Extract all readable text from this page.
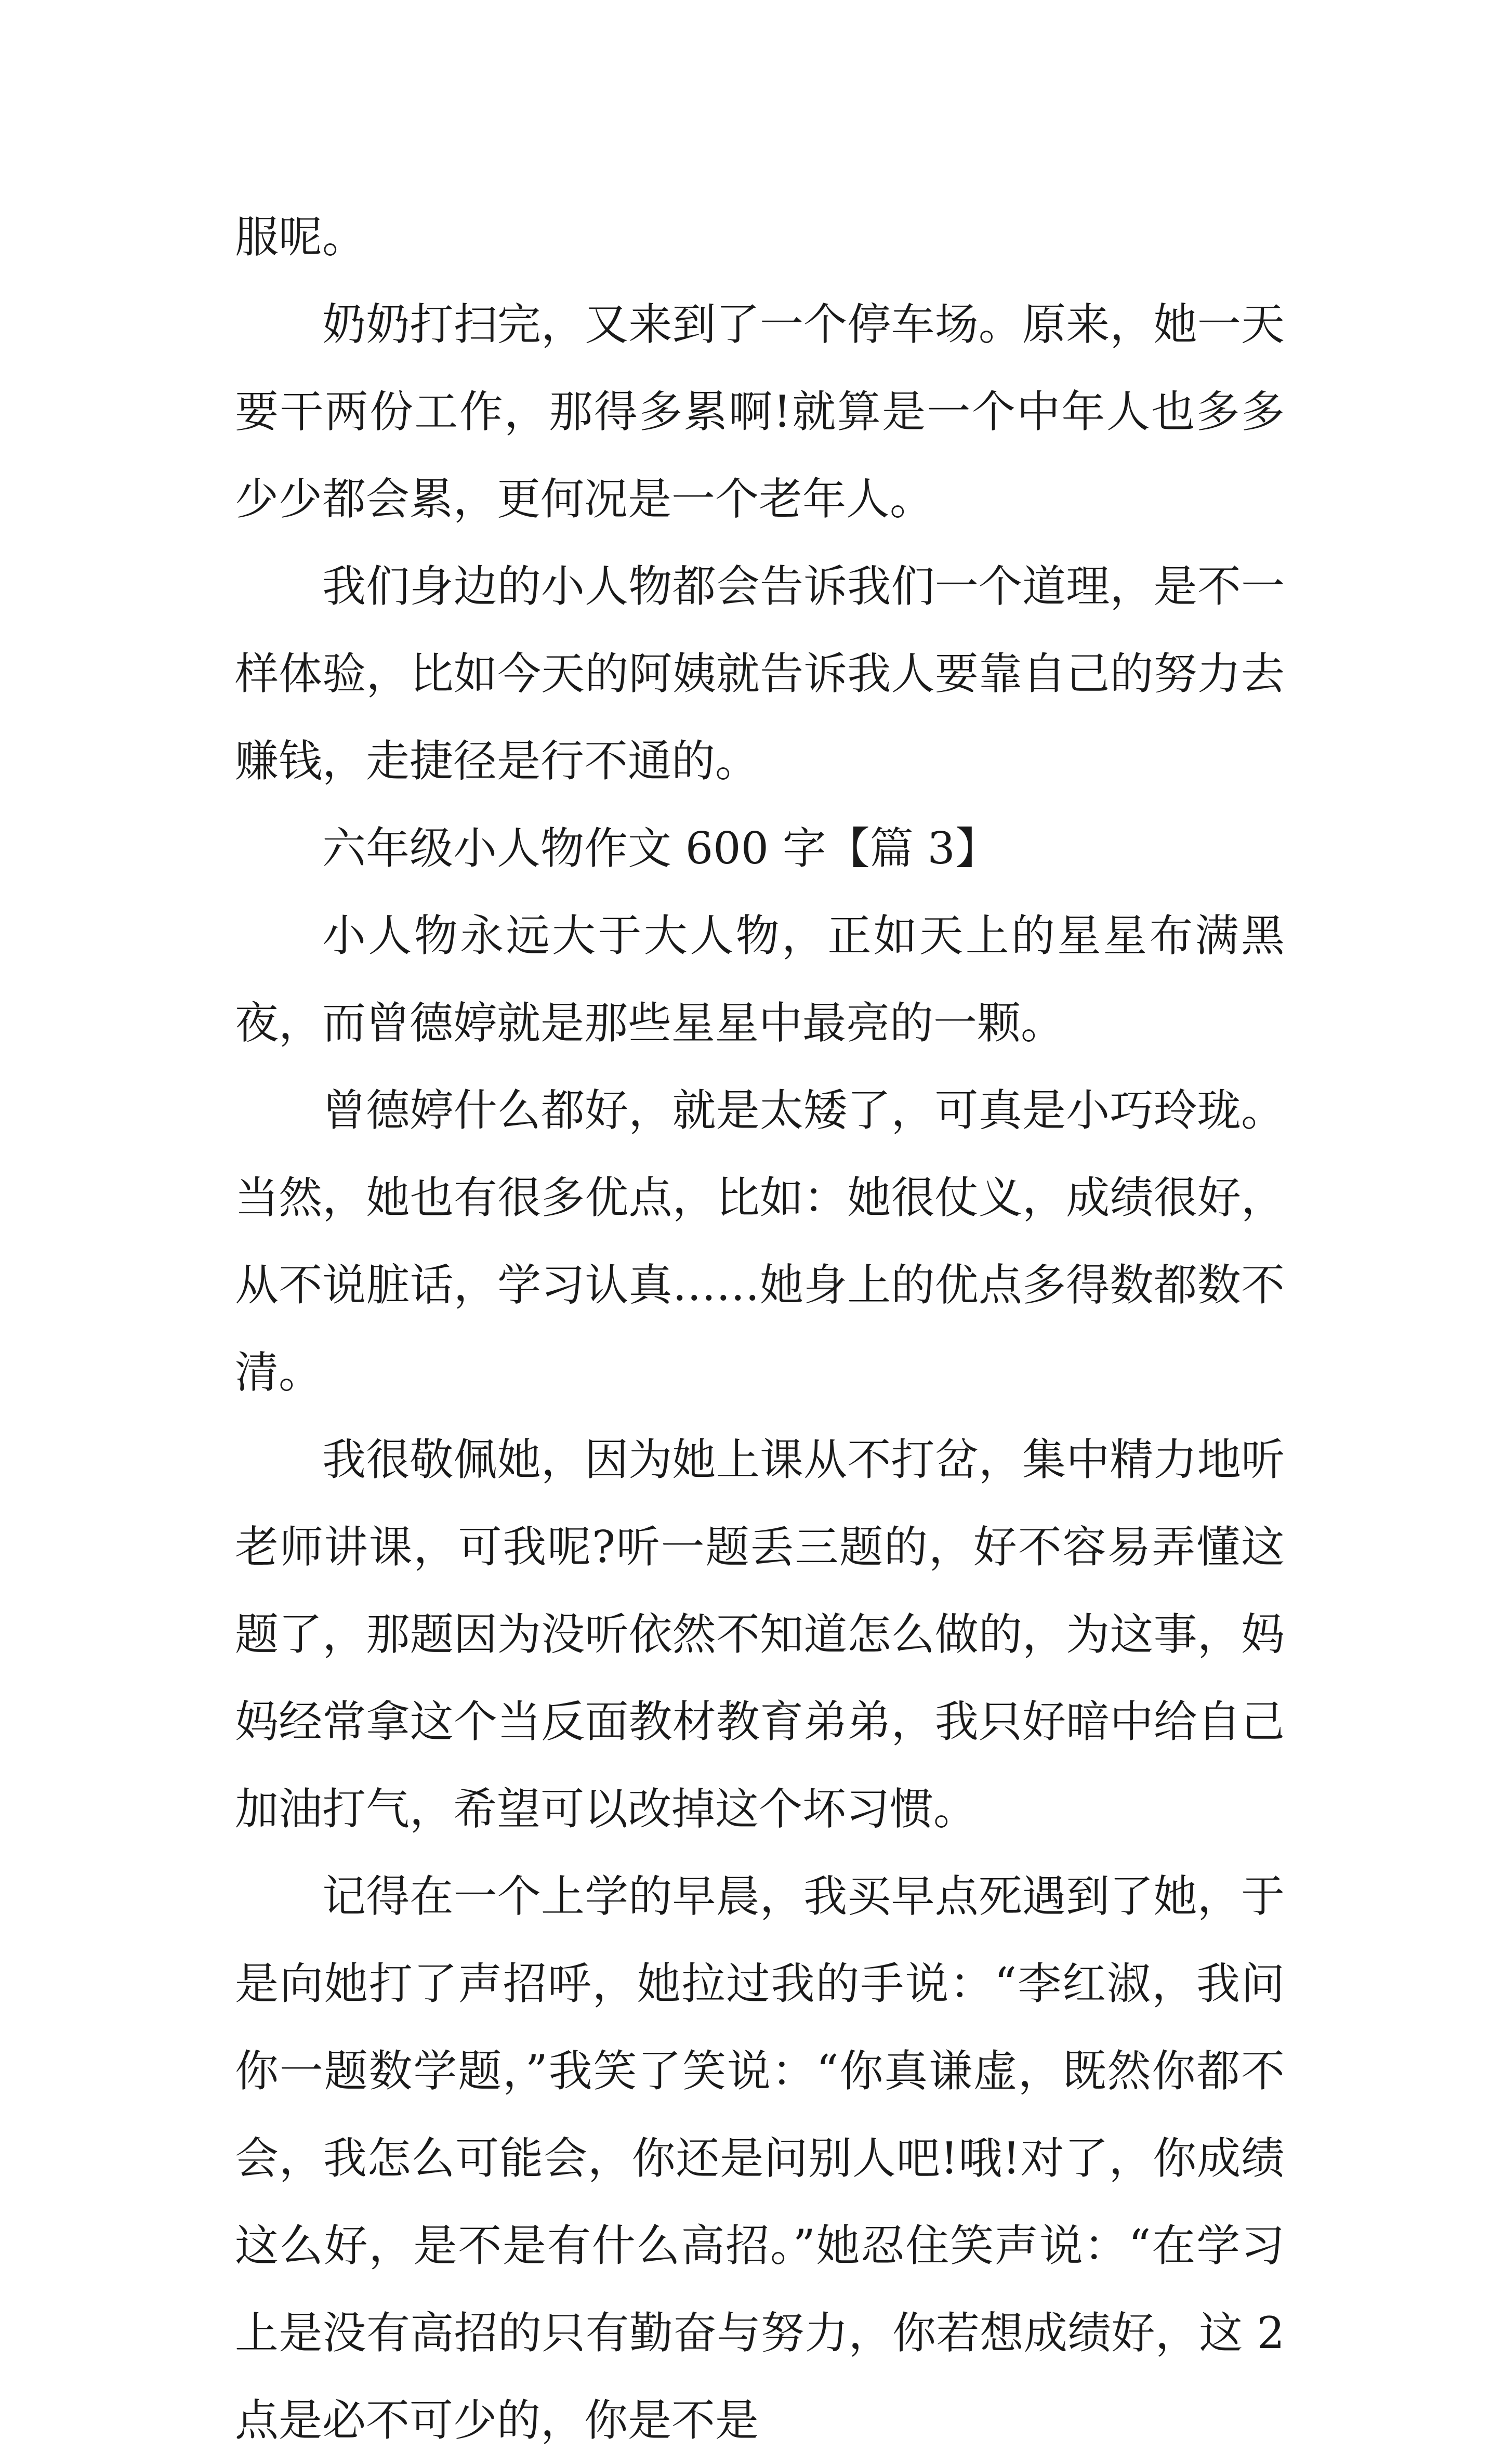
服呢。

奶奶打扫完，又来到了一个停车场。原来，她一天要干两份工作，那得多累啊!就算是一个中年人也多多少少都会累，更何况是一个老年人。

我们身边的小人物都会告诉我们一个道理，是不一样体验，比如今天的阿姨就告诉我人要靠自己的努力去赚钱，走捷径是行不通的。

六年级小人物作文 600 字【篇 3】

小人物永远大于大人物，正如天上的星星布满黑夜，而曾德婷就是那些星星中最亮的一颗。

曾德婷什么都好，就是太矮了，可真是小巧玲珑。当然，她也有很多优点，比如：她很仗义，成绩很好，从不说脏话，学习认真……她身上的优点多得数都数不清。

我很敬佩她，因为她上课从不打岔，集中精力地听老师讲课，可我呢?听一题丢三题的，好不容易弄懂这题了，那题因为没听依然不知道怎么做的，为这事，妈妈经常拿这个当反面教材教育弟弟，我只好暗中给自己加油打气，希望可以改掉这个坏习惯。

记得在一个上学的早晨，我买早点死遇到了她，于是向她打了声招呼，她拉过我的手说：“李红淑，我问你一题数学题，”我笑了笑说：“你真谦虚，既然你都不会，我怎么可能会，你还是问别人吧!哦!对了，你成绩这么好，是不是有什么高招。”她忍住笑声说：“在学习上是没有高招的只有勤奋与努力，你若想成绩好，这 2 点是必不可少的，你是不是
